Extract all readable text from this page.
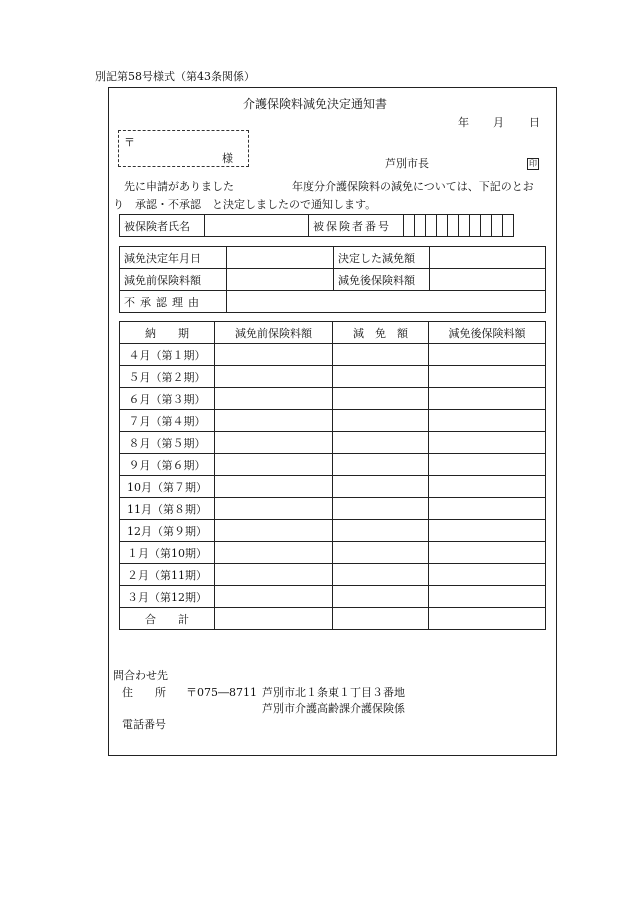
別記第58号様式（第43条関係）
介護保険料減免決定通知書
年 月 日
〒
様	芦別市長	印
先に申請がありました	年度分介護保険料の減免については、下記のとお
り　承認・不承認　と決定しましたので通知します。
被保険者氏名		被保険者番号										
減免決定年月日		決定した減免額	
減免前保険料額		減免後保険料額	
不承認理由			
納　　期	減免前保険料額	減　免　額	減免後保険料額
４月（第１期）			
５月（第２期）			
６月（第３期）			
７月（第４期）			
８月（第５期）			
９月（第６期）			
10月（第７期）			
11月（第８期）			
12月（第９期）			
１月（第10期）			
２月（第11期）			
３月（第12期）			
合　　計			
問合わせ先
住　　所 〒075―8711 芦別市北１条東１丁目３番地
芦別市介護高齢課介護保険係
電話番号
